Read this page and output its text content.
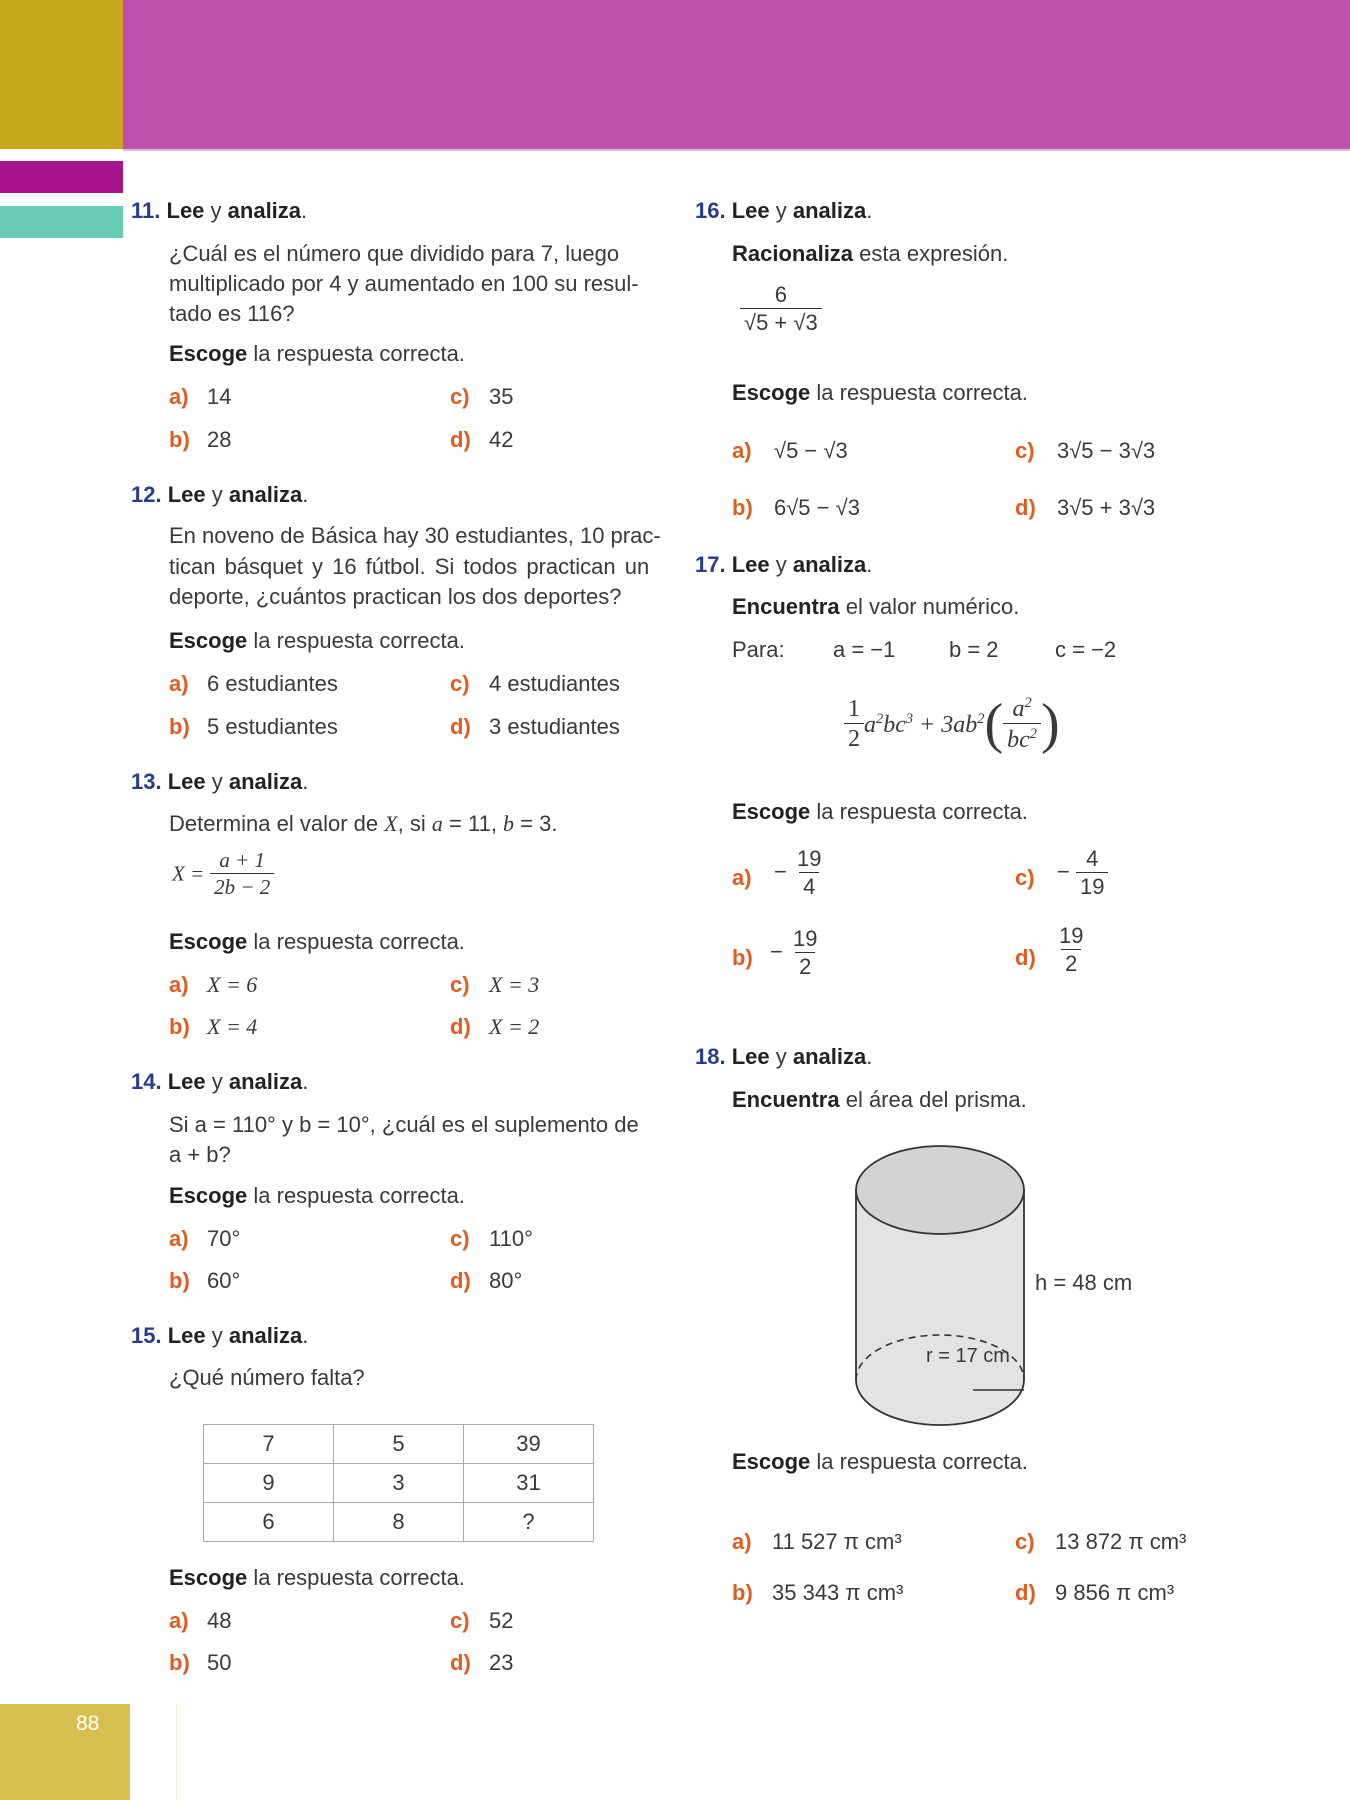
88
11. Lee y analiza.
¿Cuál es el número que dividido para 7, luego
multiplicado por 4 y aumentado en 100 su resul-
tado es 116?
Escoge la respuesta correcta.
a) 14
b) 28
c) 35
d) 42
12. Lee y analiza.
En noveno de Básica hay 30 estudiantes, 10 prac-
tican básquet y 16 fútbol. Si todos practican un
deporte, ¿cuántos practican los dos deportes?
Escoge la respuesta correcta.
a) 6 estudiantes
b) 5 estudiantes
c) 4 estudiantes
d) 3 estudiantes
13. Lee y analiza.
Determina el valor de X, si a = 11, b = 3.
$X = \frac{a + 1}{2b - 2}$
Escoge la respuesta correcta.
a) X = 6
b) X = 4
c) X = 3
d) X = 2
14. Lee y analiza.
Si a = 110° y b = 10°, ¿cuál es el suplemento de
a + b?
Escoge la respuesta correcta.
a) 70°
b) 60°
c) 110°
d) 80°
15. Lee y analiza.
¿Qué número falta?
7	5	39
9	3	31
6	8	?
Escoge la respuesta correcta.
a) 48
b) 50
c) 52
d) 23
16. Lee y analiza.
Racionaliza esta expresión.
$\frac{6}{√5 + √3}$
Escoge la respuesta correcta.
a) √5 − √3
b) 6√5 − √3
c) 3√5 − 3√3
d) 3√5 + 3√3
17. Lee y analiza.
Encuentra el valor numérico.
Para: a = −1 b = 2	c = −2
$\frac{1}{2} a^2bc^3 + 3ab^2( \frac{a^2}{bc^2}$ )
Escoge la respuesta correcta.
$a) - \frac{19}{4}$
$b) - \frac{19}{2}$
$c) - \frac{4}{19}$
$d) \frac{19}{2}$
18. Lee y analiza.
Encuentra el área del prisma.
h = 48 cm
r = 17 cm
Escoge la respuesta correcta.
a) 11 527 π cm³
b) 35 343 π cm³
c) 13 872 π cm³
d) 9 856 π cm³
